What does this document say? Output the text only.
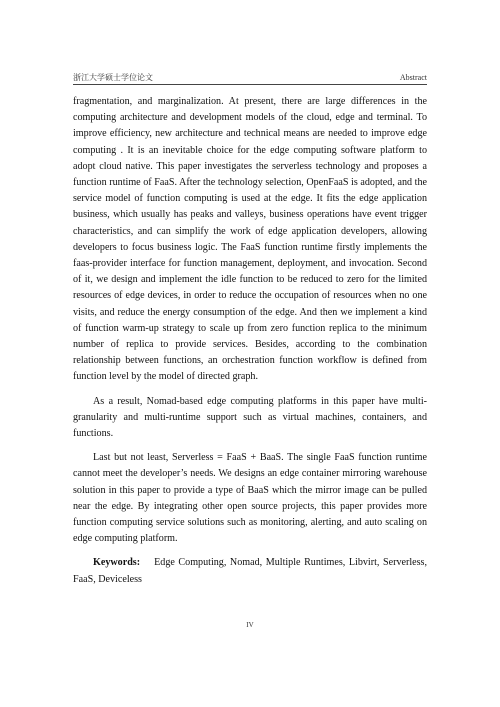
浙江大学硕士学位论文	Abstract

fragmentation, and marginalization. At present, there are large differences in the computing architecture and development models of the cloud, edge and terminal. To improve efficiency, new architecture and technical means are needed to improve edge computing . It is an inevitable choice for the edge computing software platform to adopt cloud native. This paper investigates the serverless technology and proposes a function runtime of FaaS. After the technology selection, OpenFaaS is adopted, and the service model of function computing is used at the edge. It fits the edge application business, which usually has peaks and valleys, business operations have event trigger characteristics, and can simplify the work of edge application developers, allowing developers to focus business logic. The FaaS function runtime firstly implements the faas-provider interface for function management, deployment, and invocation. Second of it, we design and implement the idle function to be reduced to zero for the limited resources of edge devices, in order to reduce the occupation of resources when no one visits, and reduce the energy consumption of the edge. And then we implement a kind of function warm-up strategy to scale up from zero function replica to the minimum number of replica to provide services. Besides, according to the combination relationship between functions, an orchestration function workflow is defined from function level by the model of directed graph.

As a result, Nomad-based edge computing platforms in this paper have multi-granularity and multi-runtime support such as virtual machines, containers, and functions.

Last but not least, Serverless = FaaS + BaaS. The single FaaS function runtime cannot meet the developer’s needs. We designs an edge container mirroring warehouse solution in this paper to provide a type of BaaS which the mirror image can be pulled near the edge. By integrating other open source projects, this paper provides more function computing service solutions such as monitoring, alerting, and auto scaling on edge computing platform.

Keywords: Edge Computing, Nomad, Multiple Runtimes, Libvirt, Serverless, FaaS, Deviceless

IV
